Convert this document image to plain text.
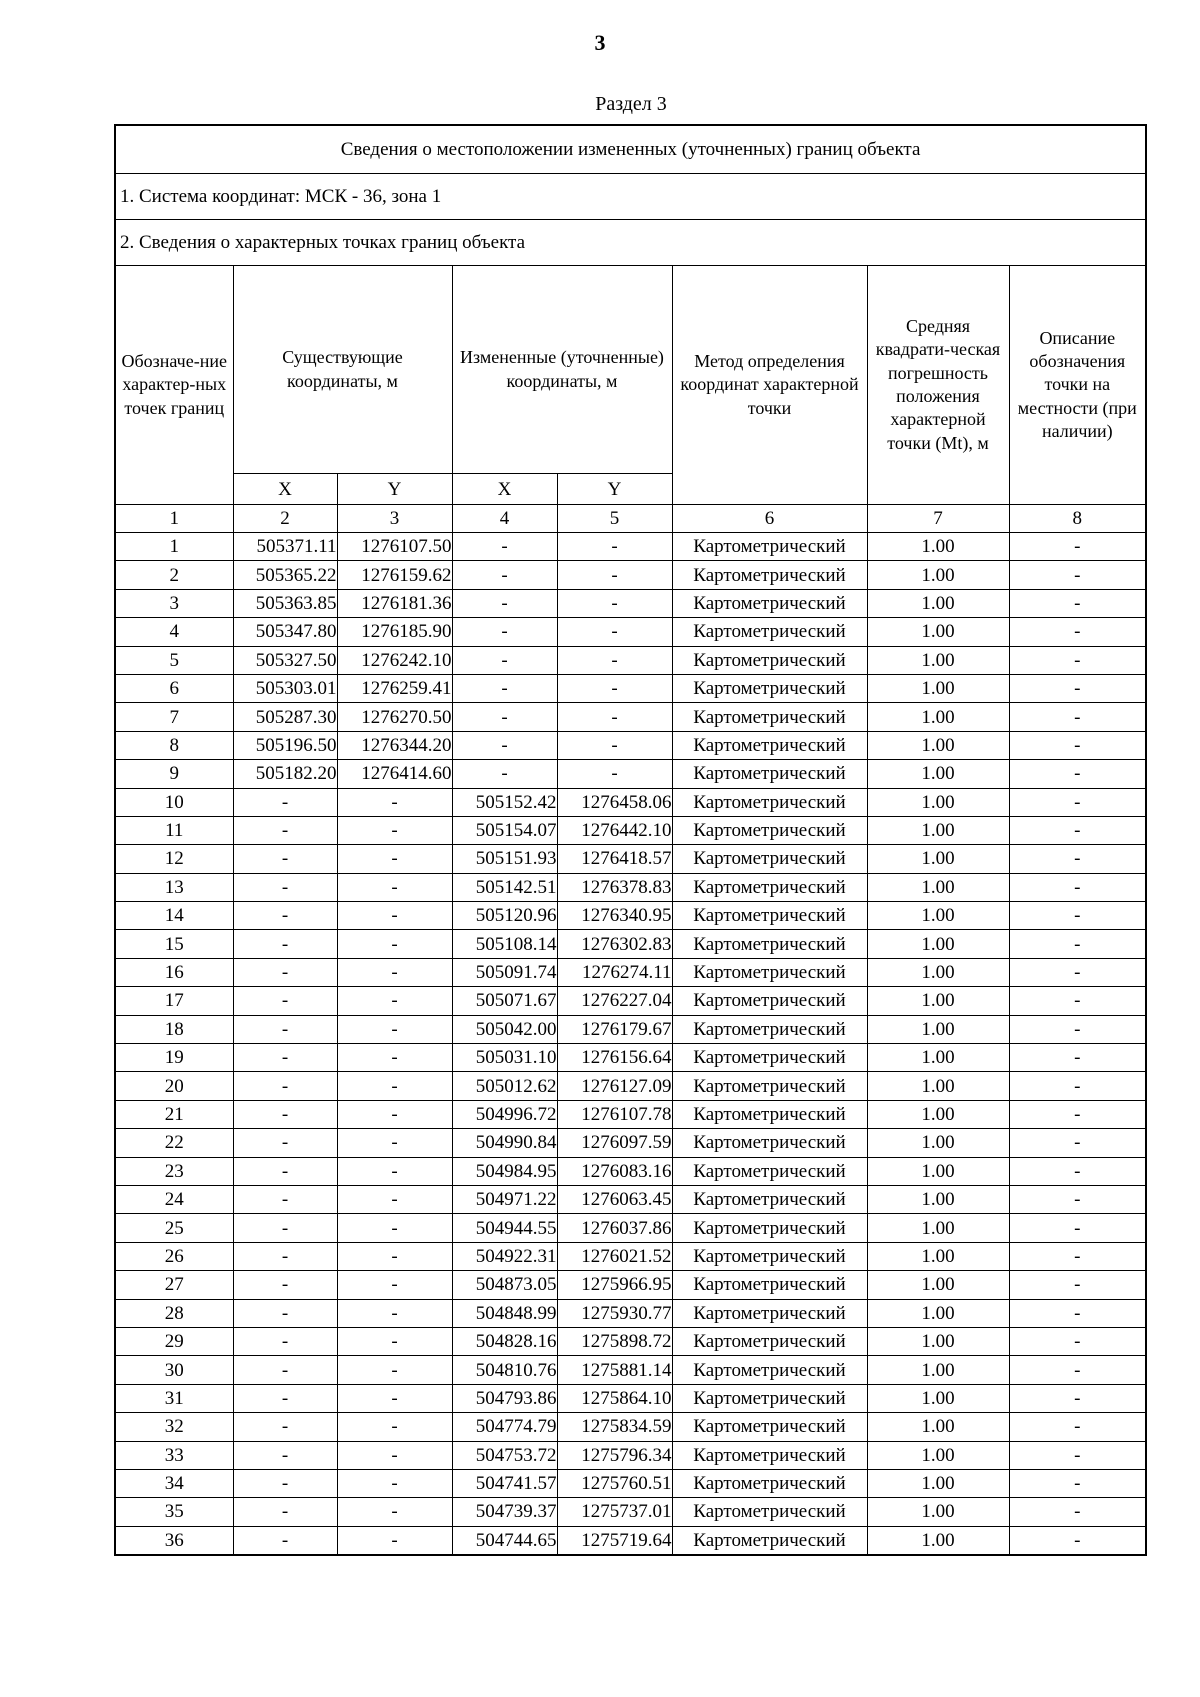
3
Раздел 3
Сведения о местоположении измененных (уточненных) границ объекта							
1. Система координат: МСК - 36, зона 1							
2. Сведения о характерных точках границ объекта							
Обозначе-ние характер-ных точек границ	Существующие координаты, м		Измененные (уточненные) координаты, м		Метод определения координат характерной точки	Средняя квадрати-ческая погрешность положения характерной точки (Mt), м	Описание обозначения точки на местности (при наличии)
	X	Y	X	Y			
1	2	3	4	5	6	7	8
1	505371.11	1276107.50	-	-	Картометрический	1.00	-
2	505365.22	1276159.62	-	-	Картометрический	1.00	-
3	505363.85	1276181.36	-	-	Картометрический	1.00	-
4	505347.80	1276185.90	-	-	Картометрический	1.00	-
5	505327.50	1276242.10	-	-	Картометрический	1.00	-
6	505303.01	1276259.41	-	-	Картометрический	1.00	-
7	505287.30	1276270.50	-	-	Картометрический	1.00	-
8	505196.50	1276344.20	-	-	Картометрический	1.00	-
9	505182.20	1276414.60	-	-	Картометрический	1.00	-
10	-	-	505152.42	1276458.06	Картометрический	1.00	-
11	-	-	505154.07	1276442.10	Картометрический	1.00	-
12	-	-	505151.93	1276418.57	Картометрический	1.00	-
13	-	-	505142.51	1276378.83	Картометрический	1.00	-
14	-	-	505120.96	1276340.95	Картометрический	1.00	-
15	-	-	505108.14	1276302.83	Картометрический	1.00	-
16	-	-	505091.74	1276274.11	Картометрический	1.00	-
17	-	-	505071.67	1276227.04	Картометрический	1.00	-
18	-	-	505042.00	1276179.67	Картометрический	1.00	-
19	-	-	505031.10	1276156.64	Картометрический	1.00	-
20	-	-	505012.62	1276127.09	Картометрический	1.00	-
21	-	-	504996.72	1276107.78	Картометрический	1.00	-
22	-	-	504990.84	1276097.59	Картометрический	1.00	-
23	-	-	504984.95	1276083.16	Картометрический	1.00	-
24	-	-	504971.22	1276063.45	Картометрический	1.00	-
25	-	-	504944.55	1276037.86	Картометрический	1.00	-
26	-	-	504922.31	1276021.52	Картометрический	1.00	-
27	-	-	504873.05	1275966.95	Картометрический	1.00	-
28	-	-	504848.99	1275930.77	Картометрический	1.00	-
29	-	-	504828.16	1275898.72	Картометрический	1.00	-
30	-	-	504810.76	1275881.14	Картометрический	1.00	-
31	-	-	504793.86	1275864.10	Картометрический	1.00	-
32	-	-	504774.79	1275834.59	Картометрический	1.00	-
33	-	-	504753.72	1275796.34	Картометрический	1.00	-
34	-	-	504741.57	1275760.51	Картометрический	1.00	-
35	-	-	504739.37	1275737.01	Картометрический	1.00	-
36	-	-	504744.65	1275719.64	Картометрический	1.00	-
